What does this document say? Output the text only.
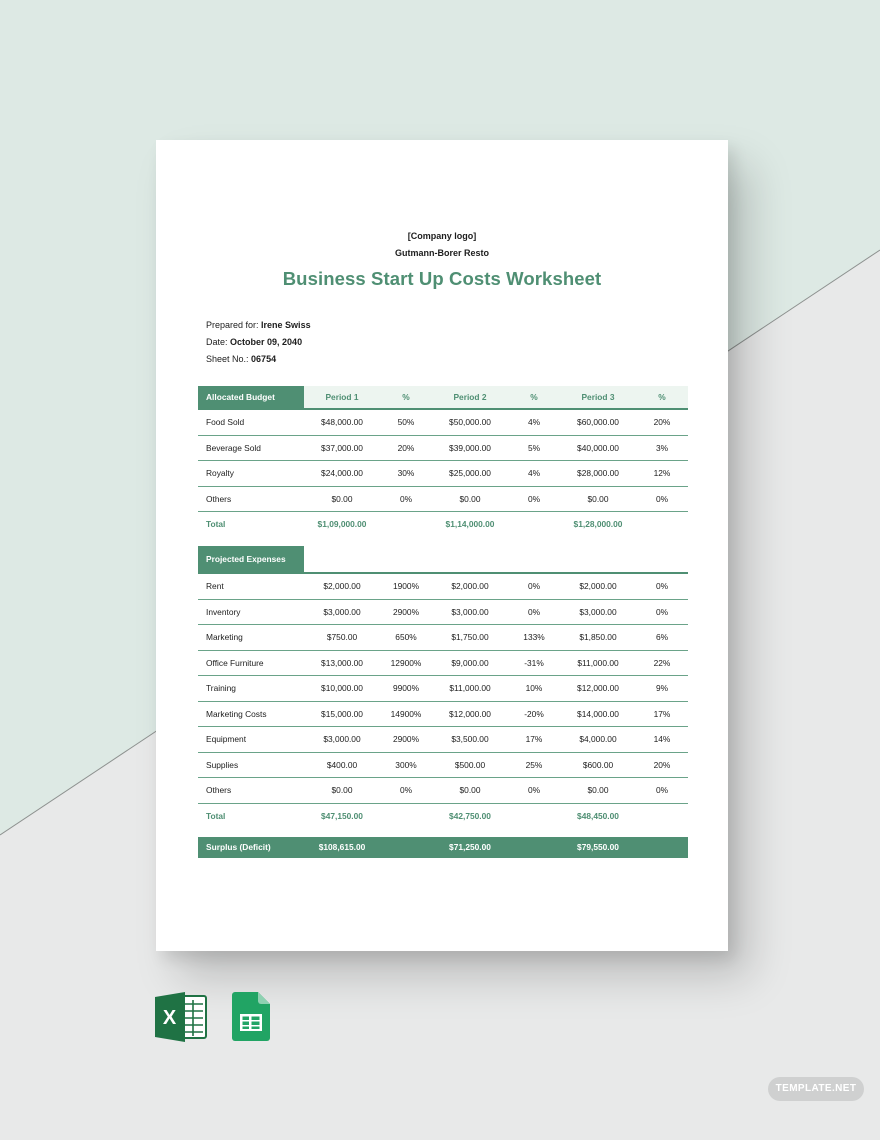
[Company logo]
Gutmann-Borer Resto
Business Start Up Costs Worksheet
Prepared for: Irene Swiss
Date: October 09, 2040
Sheet No.: 06754
Allocated Budget	Period 1	%	Period 2	%	Period 3	%
Food Sold	$48,000.00	50%	$50,000.00	4%	$60,000.00	20%
Beverage Sold	$37,000.00	20%	$39,000.00	5%	$40,000.00	3%
Royalty	$24,000.00	30%	$25,000.00	4%	$28,000.00	12%
Others	$0.00	0%	$0.00	0%	$0.00	0%
Total	$1,09,000.00		$1,14,000.00		$1,28,000.00	
Projected Expenses
Rent	$2,000.00	1900%	$2,000.00	0%	$2,000.00	0%
Inventory	$3,000.00	2900%	$3,000.00	0%	$3,000.00	0%
Marketing	$750.00	650%	$1,750.00	133%	$1,850.00	6%
Office Furniture	$13,000.00	12900%	$9,000.00	-31%	$11,000.00	22%
Training	$10,000.00	9900%	$11,000.00	10%	$12,000.00	9%
Marketing Costs	$15,000.00	14900%	$12,000.00	-20%	$14,000.00	17%
Equipment	$3,000.00	2900%	$3,500.00	17%	$4,000.00	14%
Supplies	$400.00	300%	$500.00	25%	$600.00	20%
Others	$0.00	0%	$0.00	0%	$0.00	0%
Total	$47,150.00		$42,750.00		$48,450.00	

Surplus (Deficit)	$108,615.00		$71,250.00		$79,550.00	
X
TEMPLATE.NET
